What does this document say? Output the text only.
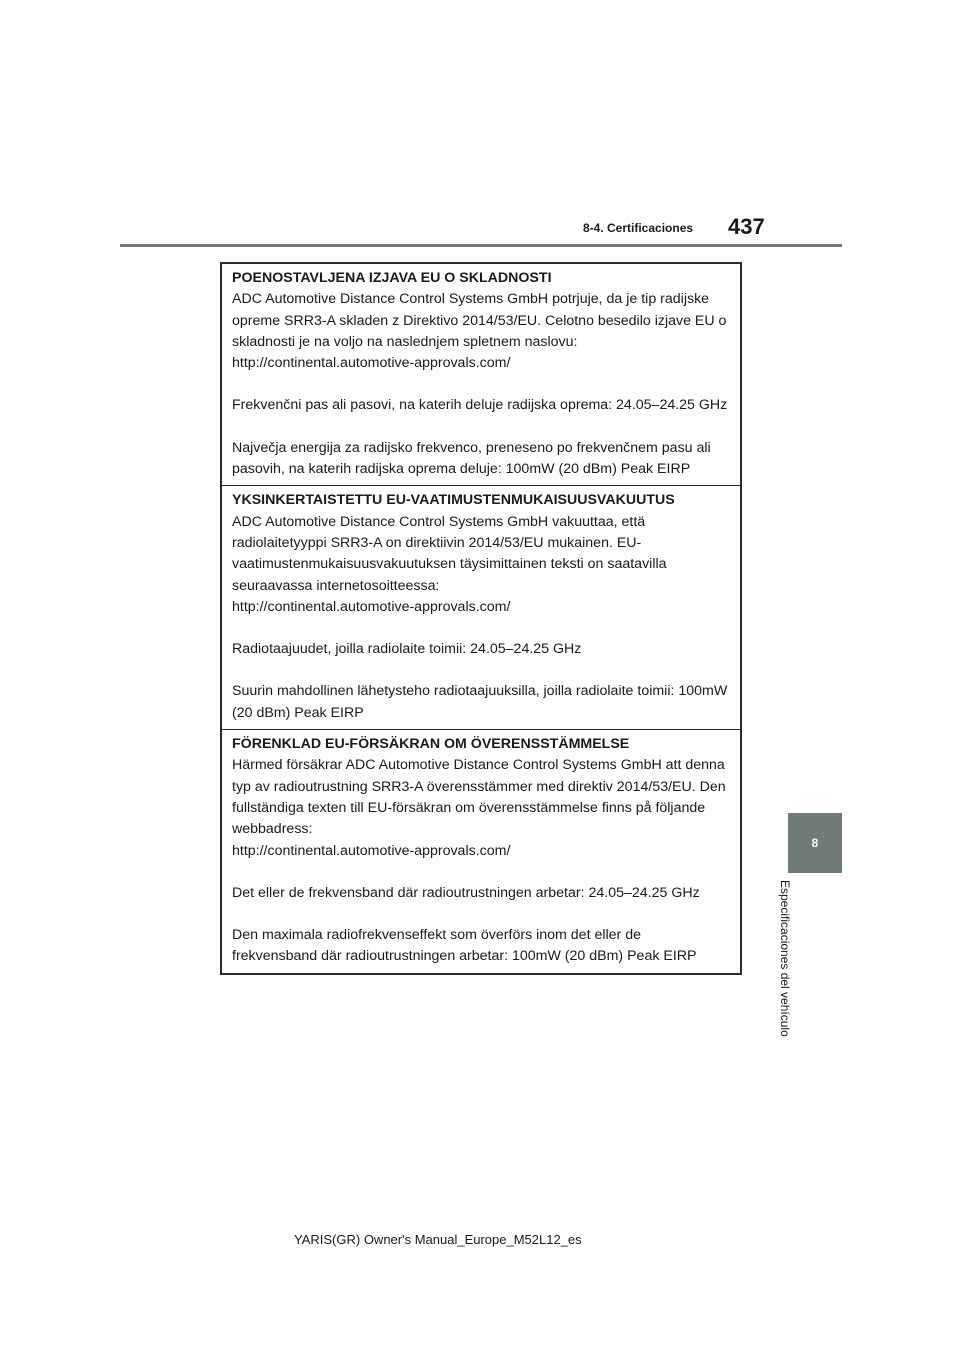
8-4. Certificaciones 437
8
Especificaciones del vehículo
POENOSTAVLJENA IZJAVA EU O SKLADNOSTI

ADC Automotive Distance Control Systems GmbH potrjuje, da je tip radijske opreme SRR3-A skladen z Direktivo 2014/53/EU. Celotno besedilo izjave EU o skladnosti je na voljo na naslednjem spletnem naslovu:
http://continental.automotive-approvals.com/

Frekvenčni pas ali pasovi, na katerih deluje radijska oprema: 24.05–24.25 GHz

Največja energija za radijsko frekvenco, preneseno po frekvenčnem pasu ali pasovih, na katerih radijska oprema deluje: 100mW (20 dBm) Peak EIRP

YKSINKERTAISTETTU EU-VAATIMUSTENMUKAISUUSVAKUUTUS

ADC Automotive Distance Control Systems GmbH vakuuttaa, että radiolaitetyyppi SRR3-A on direktiivin 2014/53/EU mukainen. EU-vaatimustenmukaisuusvakuutuksen täysimittainen teksti on saatavilla seuraavassa internetosoitteessa:
http://continental.automotive-approvals.com/

Radiotaajuudet, joilla radiolaite toimii: 24.05–24.25 GHz

Suurin mahdollinen lähetysteho radiotaajuuksilla, joilla radiolaite toimii: 100mW (20 dBm) Peak EIRP

FÖRENKLAD EU-FÖRSÄKRAN OM ÖVERENSSTÄMMELSE

Härmed försäkrar ADC Automotive Distance Control Systems GmbH att denna typ av radioutrustning SRR3-A överensstämmer med direktiv 2014/53/EU. Den fullständiga texten till EU-försäkran om överensstämmelse finns på följande webbadress:
http://continental.automotive-approvals.com/

Det eller de frekvensband där radioutrustningen arbetar: 24.05–24.25 GHz

Den maximala radiofrekvenseffekt som överförs inom det eller de frekvensband där radioutrustningen arbetar: 100mW (20 dBm) Peak EIRP

YARIS(GR) Owner's Manual_Europe_M52L12_es
